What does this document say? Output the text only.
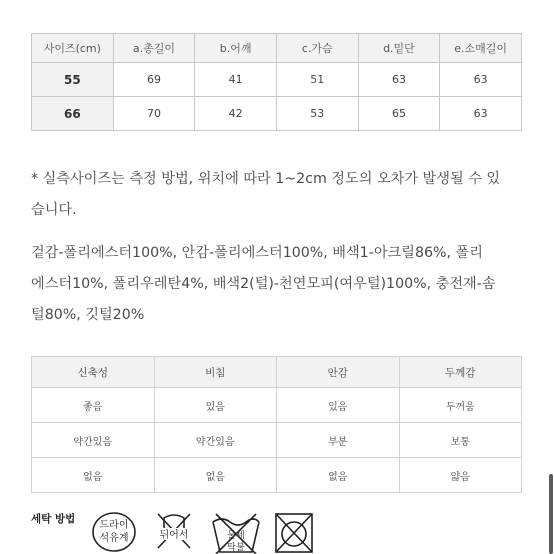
사이즈(cm)	a.총길이	b.어깨	c.가슴	d.밑단	e.소매길이
55	69	41	51	63	63
66	70	42	53	65	63

* 실측사이즈는 측정 방법, 위치에 따라 1~2cm 정도의 오차가 발생될 수 있
습니다.

겉감-폴리에스터100%, 안감-폴리에스터100%, 배색1-아크릴86%, 폴리
에스터10%, 폴리우레탄4%, 배색2(털)-천연모피(여우털)100%, 충전재-솜
털80%, 깃털20%

신축성	비침	안감	두께감
좋음	있음	있음	두꺼움
약간있음	약간있음	부분	보통
없음	없음	없음	얇음
세탁 방법
드라이
석유계	뒤어서	물세
탁불
